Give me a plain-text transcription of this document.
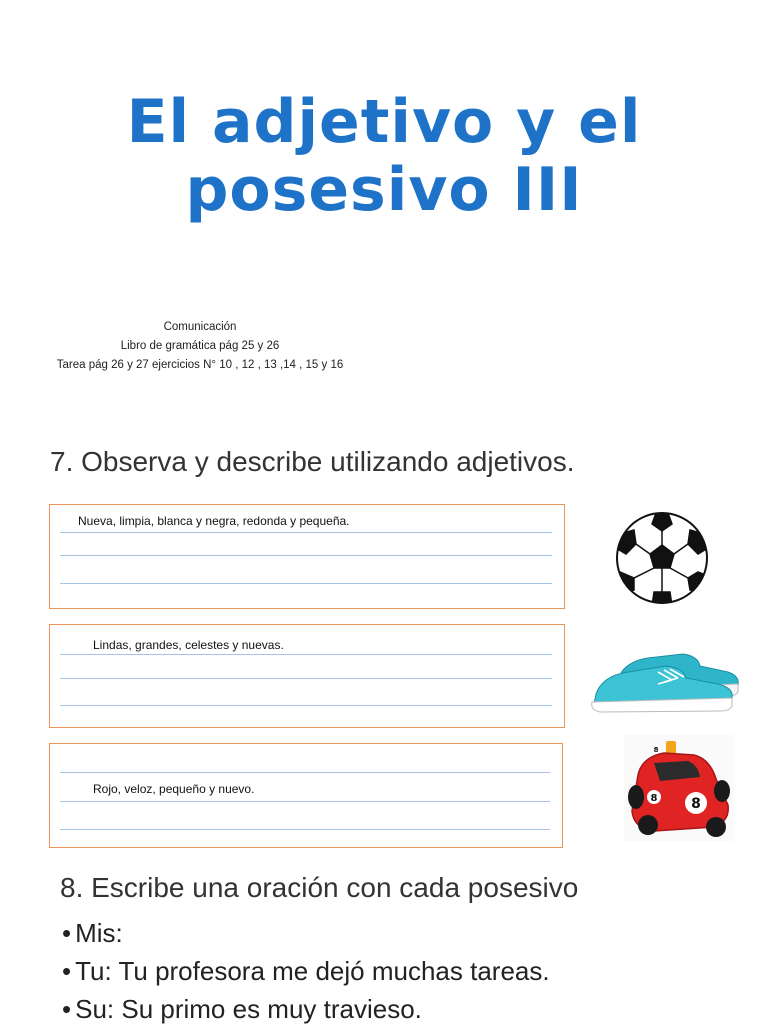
El adjetivo y el
posesivo III
Comunicación
Libro de gramática pág 25 y 26
Tarea pág 26 y 27 ejercicios N° 10 , 12 , 13 ,14 , 15 y 16
7. Observa y describe utilizando adjetivos.
Nueva, limpia, blanca y negra, redonda y pequeña.
Lindas, grandes, celestes y nuevas.
Rojo, veloz, pequeño y nuevo.
8
8
8
8. Escribe una oración con cada posesivo
• Mis:
• Tu: Tu profesora me dejó muchas tareas.
• Su: Su primo es muy travieso.
